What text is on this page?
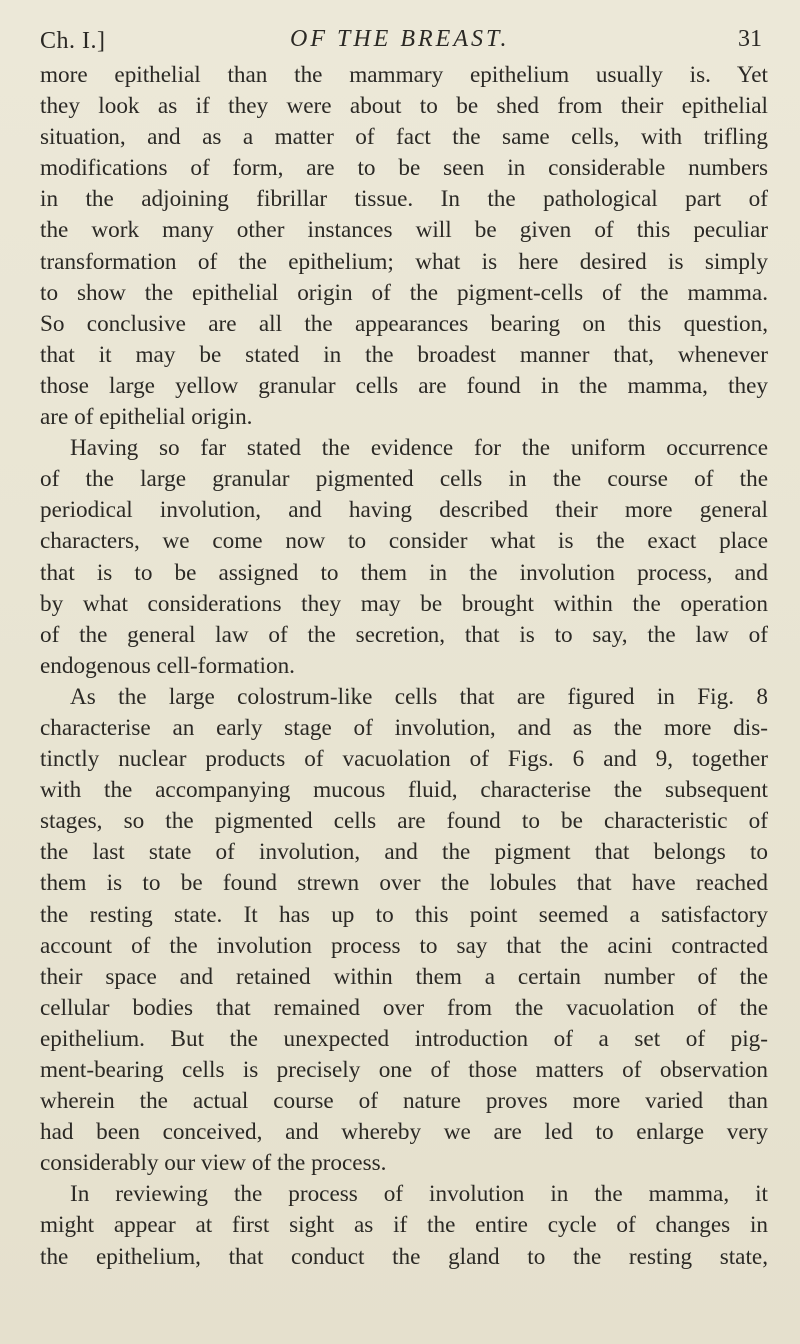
Ch. I.]	OF THE BREAST.	31
more epithelial than the mammary epithelium usually is. Yet
they look as if they were about to be shed from their epithelial
situation, and as a matter of fact the same cells, with trifling
modifications of form, are to be seen in considerable numbers
in the adjoining fibrillar tissue. In the pathological part of
the work many other instances will be given of this peculiar
transformation of the epithelium; what is here desired is simply
to show the epithelial origin of the pigment-cells of the mamma.
So conclusive are all the appearances bearing on this question,
that it may be stated in the broadest manner that, whenever
those large yellow granular cells are found in the mamma, they
are of epithelial origin.
Having so far stated the evidence for the uniform occurrence
of the large granular pigmented cells in the course of the
periodical involution, and having described their more general
characters, we come now to consider what is the exact place
that is to be assigned to them in the involution process, and
by what considerations they may be brought within the operation
of the general law of the secretion, that is to say, the law of
endogenous cell-formation.
As the large colostrum-like cells that are figured in Fig. 8
characterise an early stage of involution, and as the more dis-
tinctly nuclear products of vacuolation of Figs. 6 and 9, together
with the accompanying mucous fluid, characterise the subsequent
stages, so the pigmented cells are found to be characteristic of
the last state of involution, and the pigment that belongs to
them is to be found strewn over the lobules that have reached
the resting state. It has up to this point seemed a satisfactory
account of the involution process to say that the acini contracted
their space and retained within them a certain number of the
cellular bodies that remained over from the vacuolation of the
epithelium. But the unexpected introduction of a set of pig-
ment-bearing cells is precisely one of those matters of observation
wherein the actual course of nature proves more varied than
had been conceived, and whereby we are led to enlarge very
considerably our view of the process.
In reviewing the process of involution in the mamma, it
might appear at first sight as if the entire cycle of changes in
the epithelium, that conduct the gland to the resting state,
